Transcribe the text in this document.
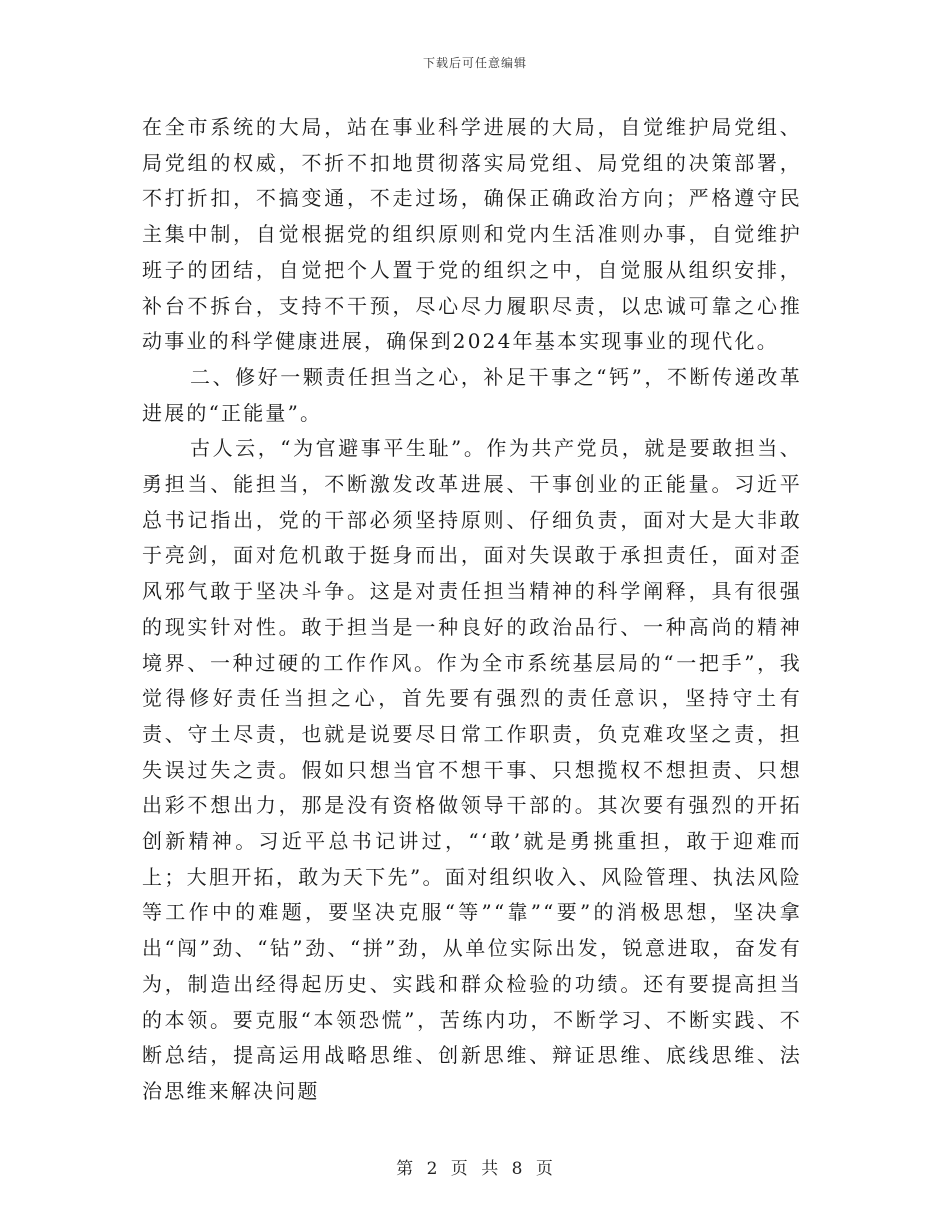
下载后可任意编辑

在全市系统的大局，站在事业科学进展的大局，自觉维护局党组、局党组的权威，不折不扣地贯彻落实局党组、局党组的决策部署，不打折扣，不搞变通，不走过场，确保正确政治方向；严格遵守民主集中制，自觉根据党的组织原则和党内生活准则办事，自觉维护班子的团结，自觉把个人置于党的组织之中，自觉服从组织安排，补台不拆台，支持不干预，尽心尽力履职尽责，以忠诚可靠之心推动事业的科学健康进展，确保到2024年基本实现事业的现代化。

二、修好一颗责任担当之心，补足干事之“钙”，不断传递改革进展的“正能量”。

古人云，“为官避事平生耻”。作为共产党员，就是要敢担当、勇担当、能担当，不断激发改革进展、干事创业的正能量。习近平总书记指出，党的干部必须坚持原则、仔细负责，面对大是大非敢于亮剑，面对危机敢于挺身而出，面对失误敢于承担责任，面对歪风邪气敢于坚决斗争。这是对责任担当精神的科学阐释，具有很强的现实针对性。敢于担当是一种良好的政治品行、一种高尚的精神境界、一种过硬的工作作风。作为全市系统基层局的“一把手”，我觉得修好责任当担之心，首先要有强烈的责任意识，坚持守土有责、守土尽责，也就是说要尽日常工作职责，负克难攻坚之责，担失误过失之责。假如只想当官不想干事、只想揽权不想担责、只想出彩不想出力，那是没有资格做领导干部的。其次要有强烈的开拓创新精神。习近平总书记讲过，“‘敢’就是勇挑重担，敢于迎难而上；大胆开拓，敢为天下先”。面对组织收入、风险管理、执法风险等工作中的难题，要坚决克服“等”“靠”“要”的消极思想，坚决拿出“闯”劲、“钻”劲、“拼”劲，从单位实际出发，锐意进取，奋发有为，制造出经得起历史、实践和群众检验的功绩。还有要提高担当的本领。要克服“本领恐慌”，苦练内功，不断学习、不断实践、不断总结，提高运用战略思维、创新思维、辩证思维、底线思维、法治思维来解决问题

第 2 页 共 8 页
